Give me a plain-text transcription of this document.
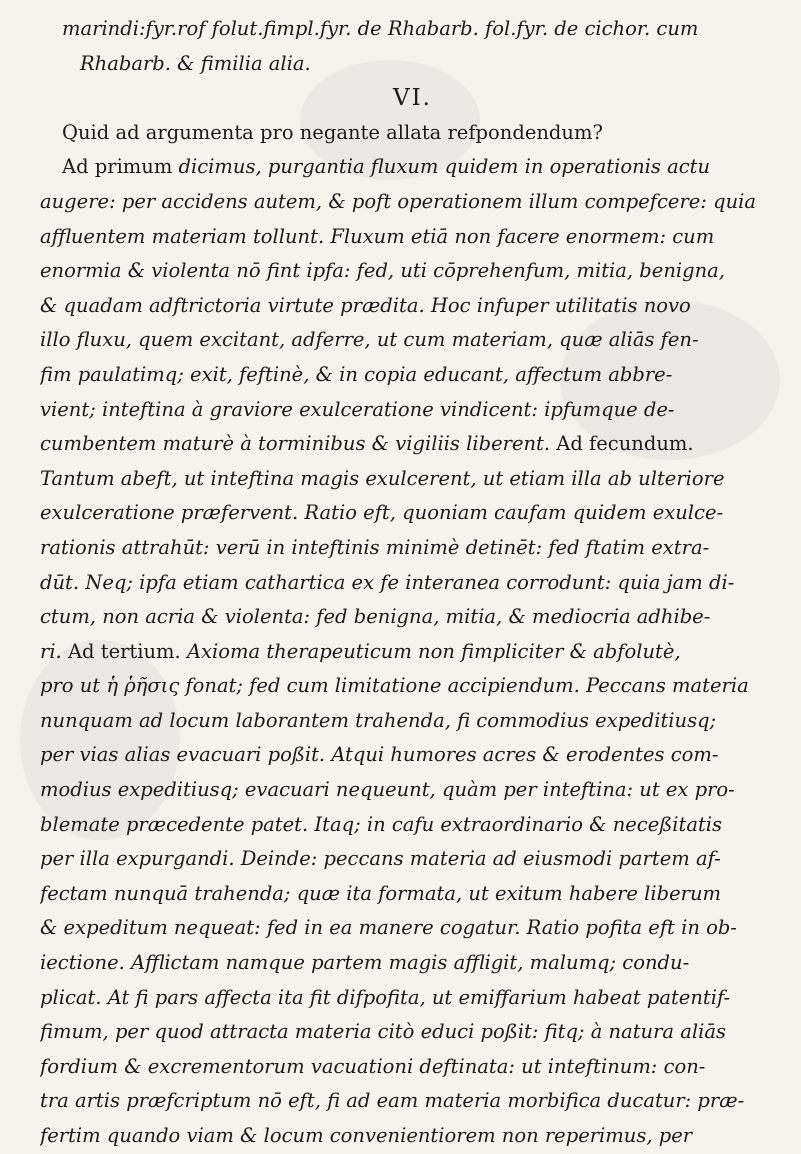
marindi:fyr.rof folut.fimpl.fyr. de Rhabarb. fol.fyr. de cichor. cum
Rhabarb. & fimilia alia.
VI.
Quid ad argumenta pro negante allata refpondendum?
Ad primum dicimus, purgantia fluxum quidem in operationis actu
augere: per accidens autem, & poft operationem illum compefcere: quia
affluentem materiam tollunt. Fluxum etiā non facere enormem: cum
enormia & violenta nō fint ipfa: fed, uti cōprehenfum, mitia, benigna,
& quadam adftrictoria virtute prædita. Hoc infuper utilitatis novo
illo fluxu, quem excitant, adferre, ut cum materiam, quæ aliās fen-
fim paulatimq; exit, feftinè, & in copia educant, affectum abbre-
vient; inteftina à graviore exulceratione vindicent: ipfumque de-
cumbentem maturè à torminibus & vigiliis liberent. Ad fecundum.
Tantum abeft, ut inteftina magis exulcerent, ut etiam illa ab ulteriore
exulceratione præfervent. Ratio eft, quoniam caufam quidem exulce-
rationis attrahūt: verū in inteftinis minimè detinēt: fed ftatim extra-
dūt. Neq; ipfa etiam cathartica ex fe interanea corrodunt: quia jam di-
ctum, non acria & violenta: fed benigna, mitia, & mediocria adhibe-
ri. Ad tertium. Axioma therapeuticum non fimpliciter & abfolutè,
pro ut ἡ ῥῆσις fonat; fed cum limitatione accipiendum. Peccans materia
nunquam ad locum laborantem trahenda, fi commodius expeditiusq;
per vias alias evacuari poßit. Atqui humores acres & erodentes com-
modius expeditiusq; evacuari nequeunt, quàm per inteftina: ut ex pro-
blemate præcedente patet. Itaq; in cafu extraordinario & neceßitatis
per illa expurgandi. Deinde: peccans materia ad eiusmodi partem af-
fectam nunquā trahenda; quæ ita formata, ut exitum habere liberum
& expeditum nequeat: fed in ea manere cogatur. Ratio pofita eft in ob-
iectione. Afflictam namque partem magis affligit, malumq; condu-
plicat. At fi pars affecta ita fit difpofita, ut emiffarium habeat patentif-
fimum, per quod attracta materia citò educi poßit: fitq; à natura aliās
fordium & excrementorum vacuationi deftinata: ut inteftinum: con-
tra artis præfcriptum nō eft, fi ad eam materia morbifica ducatur: præ-
fertim quando viam & locum convenientiorem non reperimus, per
